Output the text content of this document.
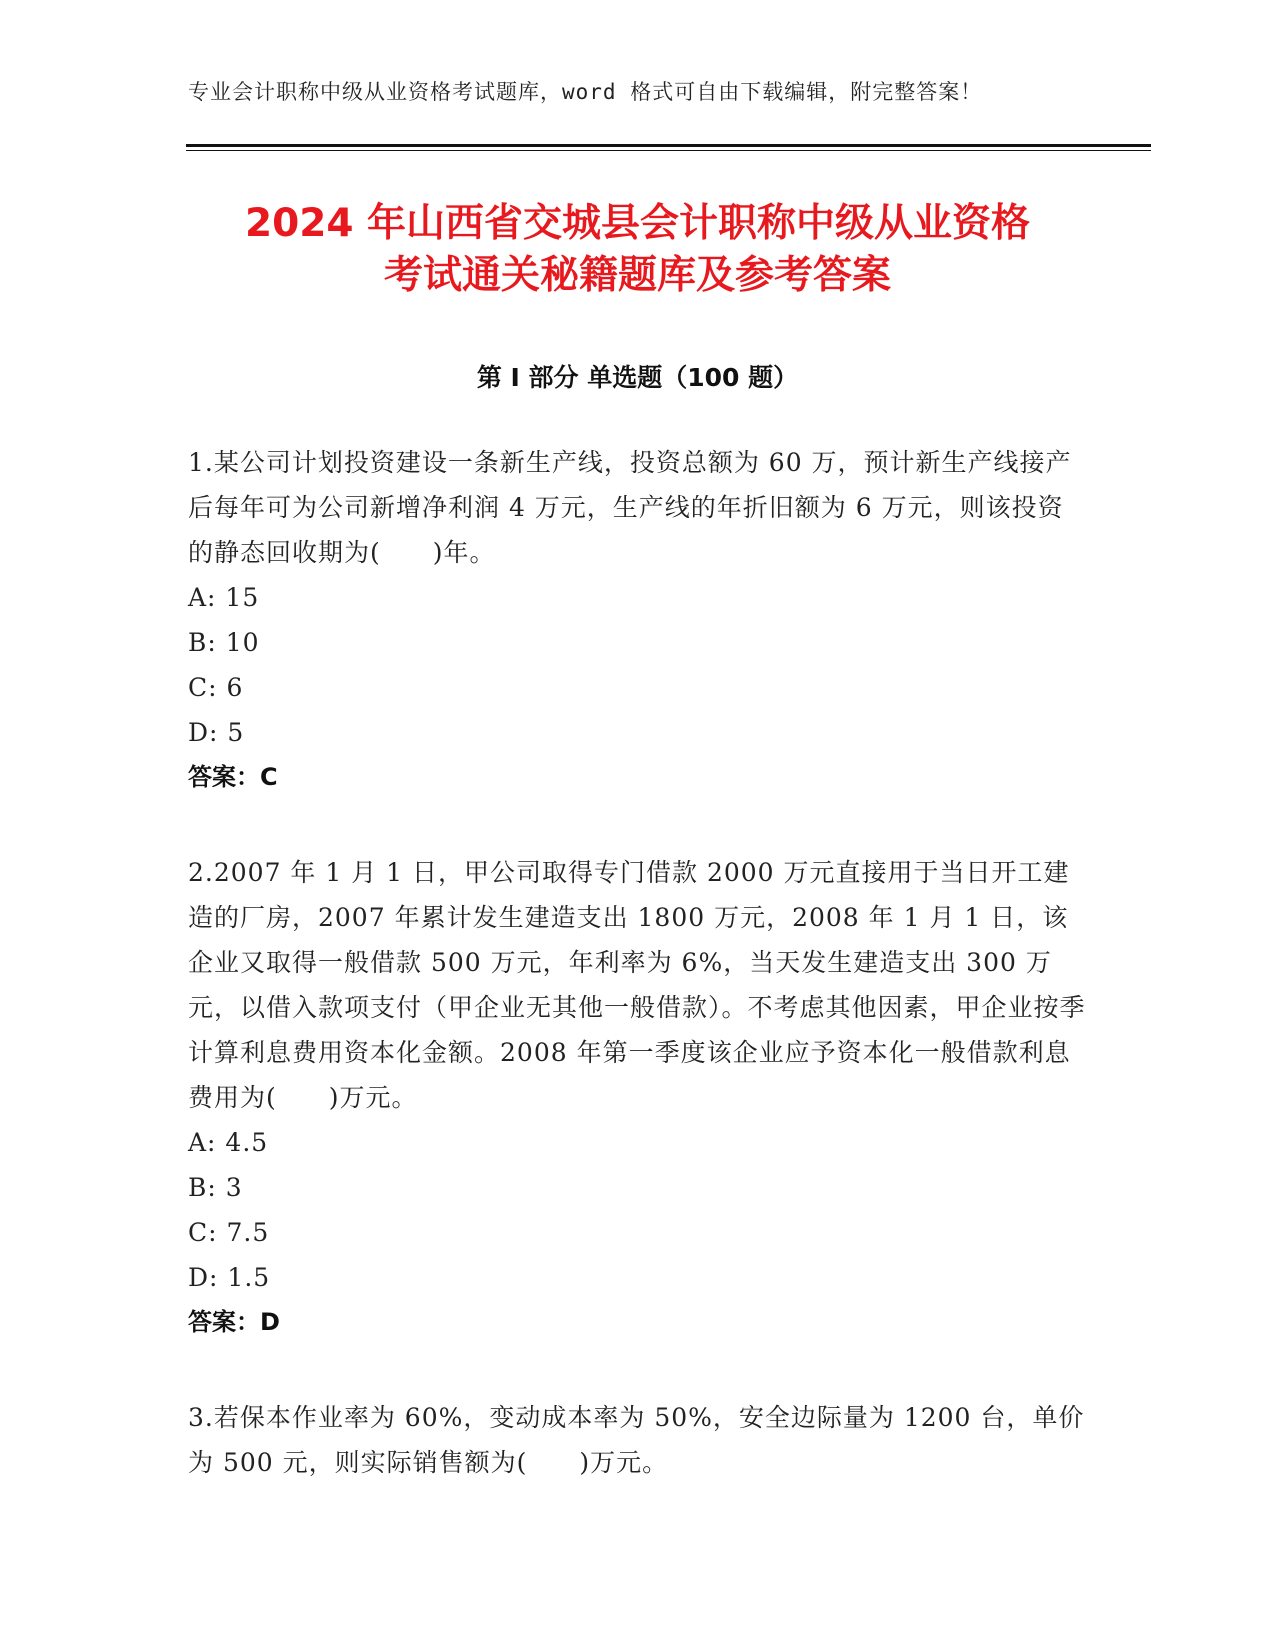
专业会计职称中级从业资格考试题库，word 格式可自由下载编辑，附完整答案！
2024 年山西省交城县会计职称中级从业资格
考试通关秘籍题库及参考答案
第 I 部分 单选题（100 题）

1.某公司计划投资建设一条新生产线，投资总额为 60 万，预计新生产线接产后每年可为公司新增净利润 4 万元，生产线的年折旧额为 6 万元，则该投资的静态回收期为(　　)年。

A: 15

B: 10

C: 6

D: 5

答案：C

2.2007 年 1 月 1 日，甲公司取得专门借款 2000 万元直接用于当日开工建造的厂房，2007 年累计发生建造支出 1800 万元，2008 年 1 月 1 日，该企业又取得一般借款 500 万元，年利率为 6%，当天发生建造支出 300 万元，以借入款项支付（甲企业无其他一般借款）。不考虑其他因素，甲企业按季计算利息费用资本化金额。2008 年第一季度该企业应予资本化一般借款利息费用为(　　)万元。

A: 4.5

B: 3

C: 7.5

D: 1.5

答案：D

3.若保本作业率为 60%，变动成本率为 50%，安全边际量为 1200 台，单价为 500 元，则实际销售额为(　　)万元。
